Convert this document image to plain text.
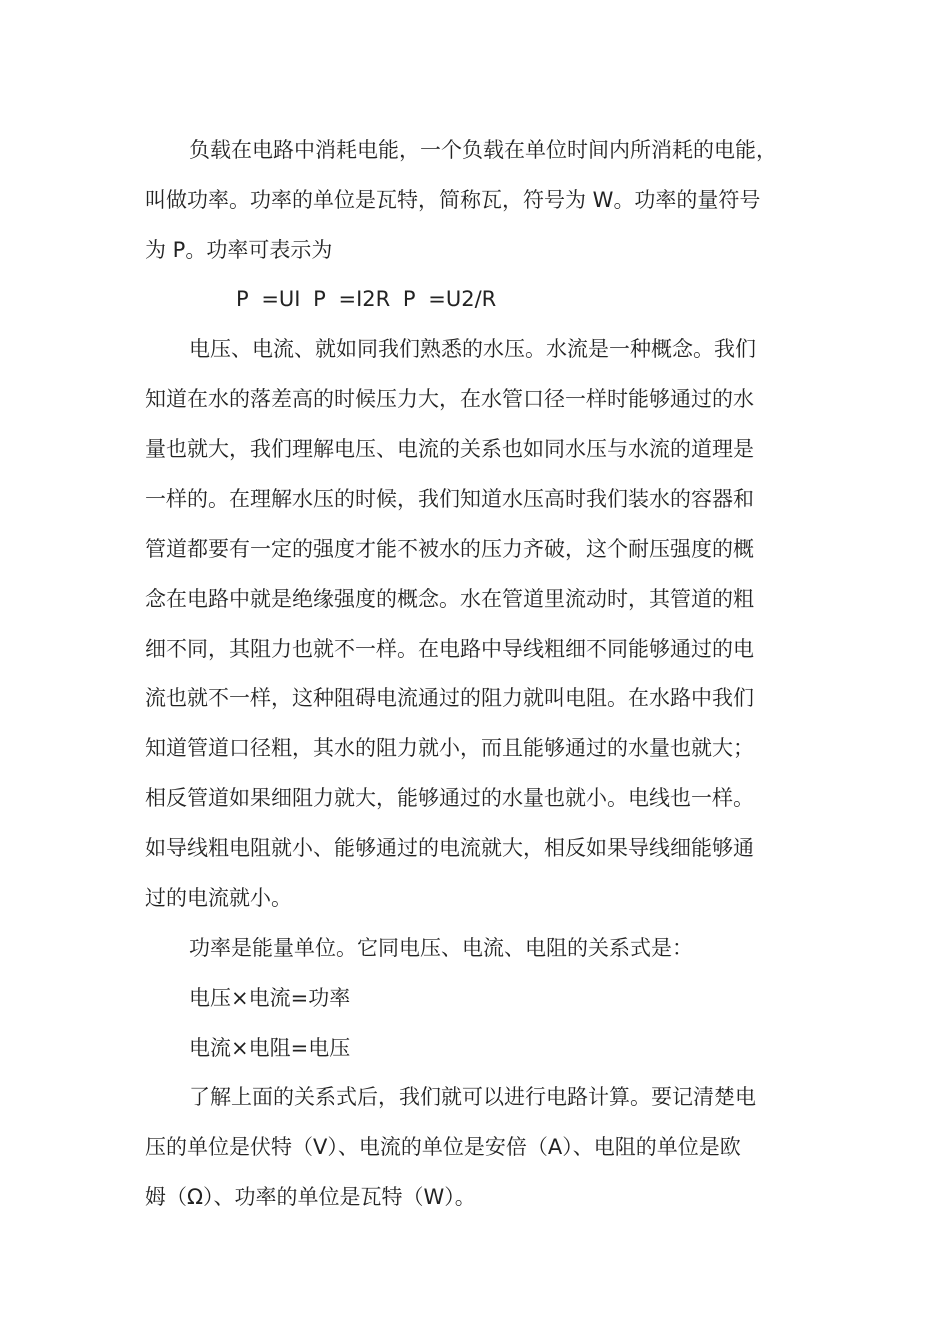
负载在电路中消耗电能，一个负载在单位时间内所消耗的电能，
叫做功率。功率的单位是瓦特，简称瓦，符号为 W。功率的量符号
为 P。功率可表示为
P =UI P =I2R P =U2/R
电压、电流、就如同我们熟悉的水压。水流是一种概念。我们
知道在水的落差高的时候压力大，在水管口径一样时能够通过的水
量也就大，我们理解电压、电流的关系也如同水压与水流的道理是
一样的。在理解水压的时候，我们知道水压高时我们装水的容器和
管道都要有一定的强度才能不被水的压力齐破，这个耐压强度的概
念在电路中就是绝缘强度的概念。水在管道里流动时，其管道的粗
细不同，其阻力也就不一样。在电路中导线粗细不同能够通过的电
流也就不一样，这种阻碍电流通过的阻力就叫电阻。在水路中我们
知道管道口径粗，其水的阻力就小，而且能够通过的水量也就大；
相反管道如果细阻力就大，能够通过的水量也就小。电线也一样。
如导线粗电阻就小、能够通过的电流就大，相反如果导线细能够通
过的电流就小。
功率是能量单位。它同电压、电流、电阻的关系式是：
电压×电流=功率
电流×电阻=电压
了解上面的关系式后，我们就可以进行电路计算。要记清楚电
压的单位是伏特（V）、电流的单位是安倍（A）、电阻的单位是欧
姆（Ω）、功率的单位是瓦特（W）。
